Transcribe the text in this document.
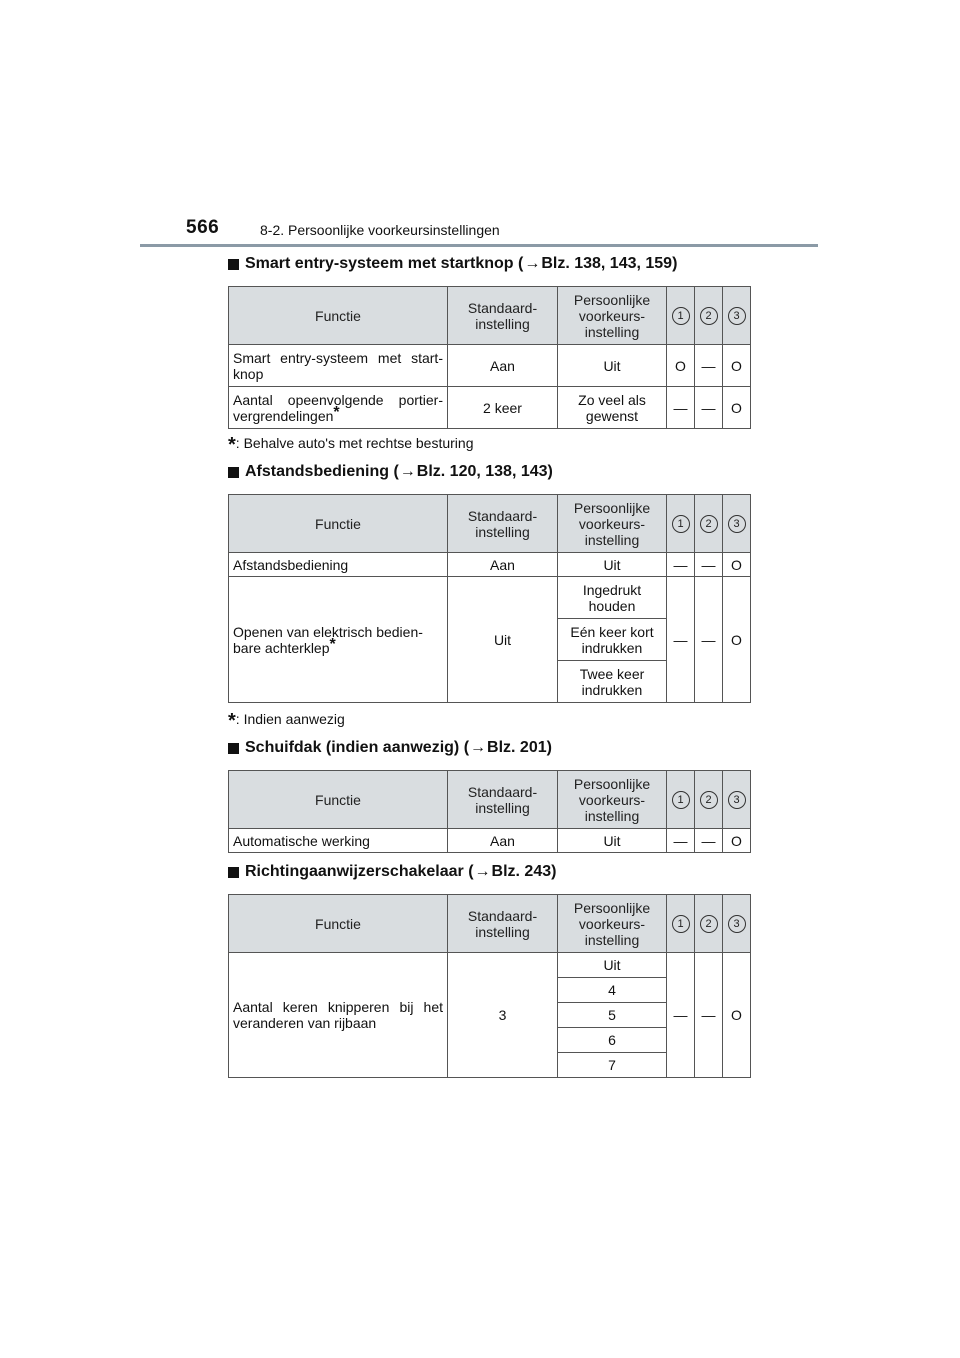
566	8-2. Persoonlijke voorkeursinstellingen
Smart entry-systeem met startknop ( → Blz. 138, 143, 159)
Functie	Standaard-instelling	Persoonlijke voorkeurs-instelling	1	2	3
Smart entry-systeem met start-knop	Aan	Uit	O	—	O
Aantal opeenvolgende portier-vergrendelingen*	2 keer	Zo veel als gewenst	—	—	O
*: Behalve auto's met rechtse besturing
Afstandsbediening ( → Blz. 120, 138, 143)
Functie	Standaard-instelling	Persoonlijke voorkeurs-instelling	1	2	3
Afstandsbediening	Aan	Uit	—	—	O
Openen van elektrisch bedien-bare achterklep*	Uit	Ingedrukt houden	—	—	O
		Eén keer kort indrukken			
		Twee keer indrukken			
*: Indien aanwezig
Schuifdak (indien aanwezig) ( → Blz. 201)
Functie	Standaard-instelling	Persoonlijke voorkeurs-instelling	1	2	3
Automatische werking	Aan	Uit	—	—	O
Richtingaanwijzerschakelaar ( → Blz. 243)
Functie	Standaard-instelling	Persoonlijke voorkeurs-instelling	1	2	3
Aantal keren knipperen bij het veranderen van rijbaan	3	Uit	—	—	O
		4			
		5			
		6			
		7			
